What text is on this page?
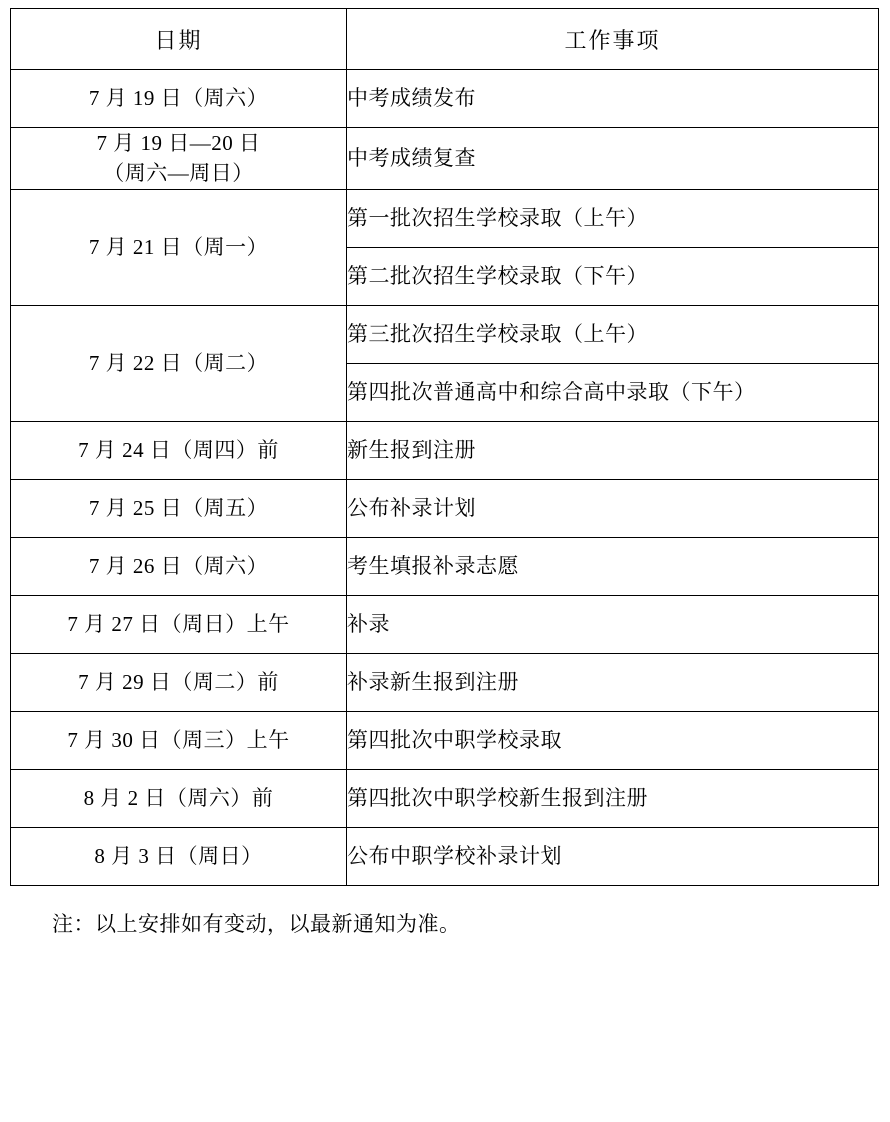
日期	工作事项
7 月 19 日（周六）	中考成绩发布
7 月 19 日—20 日
（周六—周日）	中考成绩复查
7 月 21 日（周一）	第一批次招生学校录取（上午）
	第二批次招生学校录取（下午）
7 月 22 日（周二）	第三批次招生学校录取（上午）
	第四批次普通高中和综合高中录取（下午）
7 月 24 日（周四）前	新生报到注册
7 月 25 日（周五）	公布补录计划
7 月 26 日（周六）	考生填报补录志愿
7 月 27 日（周日）上午	补录
7 月 29 日（周二）前	补录新生报到注册
7 月 30 日（周三）上午	第四批次中职学校录取
8 月 2 日（周六）前	第四批次中职学校新生报到注册
8 月 3 日（周日）	公布中职学校补录计划
注：以上安排如有变动，以最新通知为准。
